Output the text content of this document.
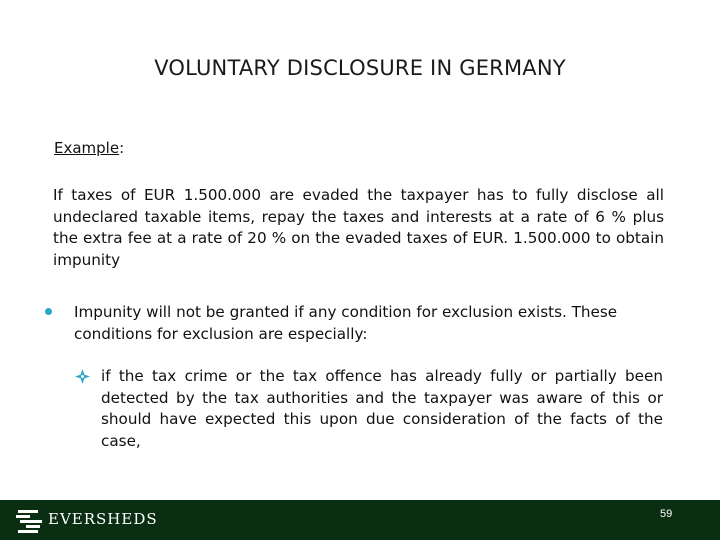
VOLUNTARY DISCLOSURE IN GERMANY
Example:
If taxes of EUR 1.500.000 are evaded the taxpayer has to fully disclose all undeclared taxable items, repay the taxes and interests at a rate of 6 % plus the extra fee at a rate of 20 % on the evaded taxes of EUR. 1.500.000 to obtain impunity
Impunity will not be granted if any condition for exclusion exists. These conditions for exclusion are especially:
if the tax crime or the tax offence has already fully or partially been detected by the tax authorities and the taxpayer was aware of this or should have expected this upon due consideration of the facts of the case,
EVERSHEDS	59
